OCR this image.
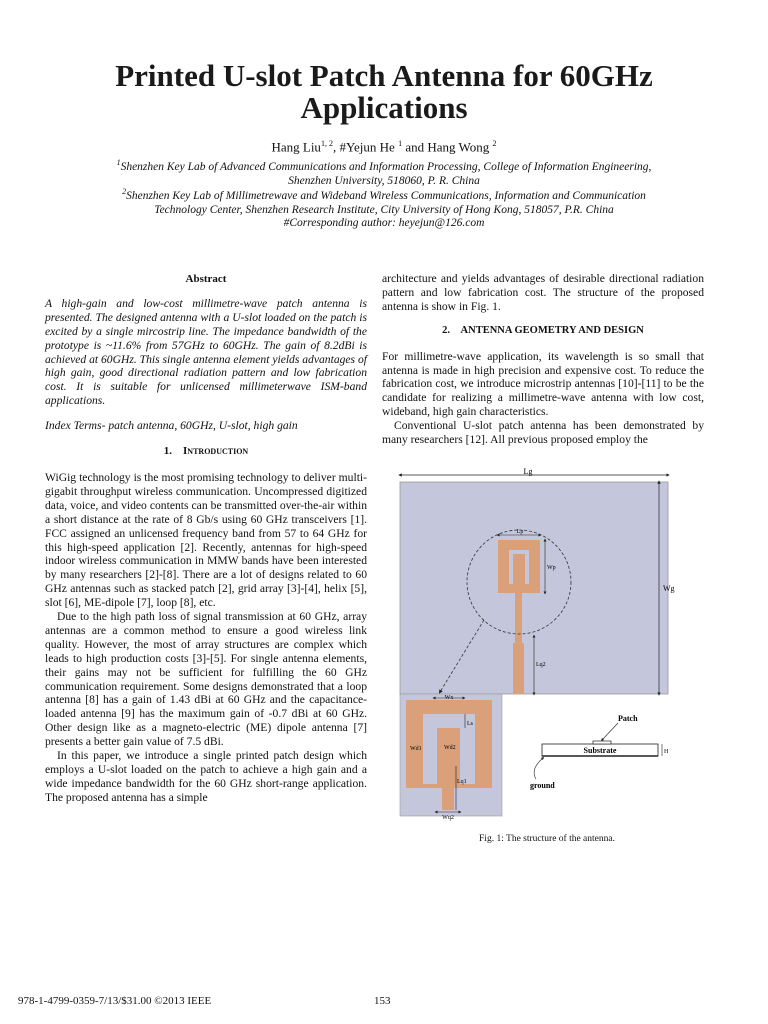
Printed U-slot Patch Antenna for 60GHz
Applications
Hang Liu$^{1, 2}$, #Yejun He $^1$ and Hang Wong $^2$
$^1$Shenzhen Key Lab of Advanced Communications and Information Processing, College of Information Engineering,
Shenzhen University, 518060, P. R. China
$^2$Shenzhen Key Lab of Millimetrewave and Wideband Wireless Communications, Information and Communication
Technology Center, Shenzhen Research Institute, City University of Hong Kong, 518057, P.R. China
#Corresponding author: heyejun@126.com

Abstract

A high-gain and low-cost millimetre-wave patch antenna is presented. The designed antenna with a U-slot loaded on the patch is excited by a single mircostrip line. The impedance bandwidth of the prototype is ~11.6% from 57GHz to 60GHz. The gain of 8.2dBi is achieved at 60GHz. This single antenna element yields advantages of high gain, good directional radiation pattern and low fabrication cost. It is suitable for unlicensed millimeterwave ISM-band applications.

Index Terms- patch antenna, 60GHz, U-slot, high gain

1.    Introduction

WiGig technology is the most promising technology to deliver multi-gigabit throughput wireless communication. Uncompressed digitized data, voice, and video contents can be transmitted over-the-air within a short distance at the rate of 8 Gb/s using 60 GHz transceivers [1]. FCC assigned an unlicensed frequency band from 57 to 64 GHz for this high-speed application [2]. Recently, antennas for high-speed indoor wireless communication in MMW bands have been interested by many researchers [2]-[8]. There are a lot of designs related to 60 GHz antennas such as stacked patch [2], grid array [3]-[4], helix [5], slot [6], ME-dipole [7], loop [8], etc.

Due to the high path loss of signal transmission at 60 GHz, array antennas are a common method to ensure a good wireless link quality. However, the most of array structures are complex which leads to high production costs [3]-[5]. For single antenna elements, their gains may not be sufficient for fulfilling the 60 GHz communication requirement. Some designs demonstrated that a loop antenna [8] has a gain of 1.43 dBi at 60 GHz and the capacitance-loaded antenna [9] has the maximum gain of -0.7 dBi at 60 GHz. Other design like as a magneto-electric (ME) dipole antenna [7] presents a better gain value of 7.5 dBi.

In this paper, we introduce a single printed patch design which employs a U-slot loaded on the patch to achieve a high gain and a wide impedance bandwidth for the 60 GHz short-range application. The proposed antenna has a simple

architecture and yields advantages of desirable directional radiation pattern and low fabrication cost. The structure of the proposed antenna is show in Fig. 1.

2.    ANTENNA GEOMETRY AND DESIGN

For millimetre-wave application, its wavelength is so small that antenna is made in high precision and expensive cost. To reduce the fabrication cost, we introduce microstrip antennas [10]-[11] to be the candidate for realizing a millimetre-wave antenna with low cost, wideband, high gain characteristics.

Conventional U-slot patch antenna has been demonstrated by many researchers [12]. All previous proposed employ the

Lg
Wg
Lp
Wp
Lq2
Wx
Ls
Wd1	Wd2
Lq1
Wq2
Patch
Substrate	H
ground
Fig. 1: The structure of the antenna.
978-1-4799-0359-7/13/$31.00 ©2013 IEEE	153
